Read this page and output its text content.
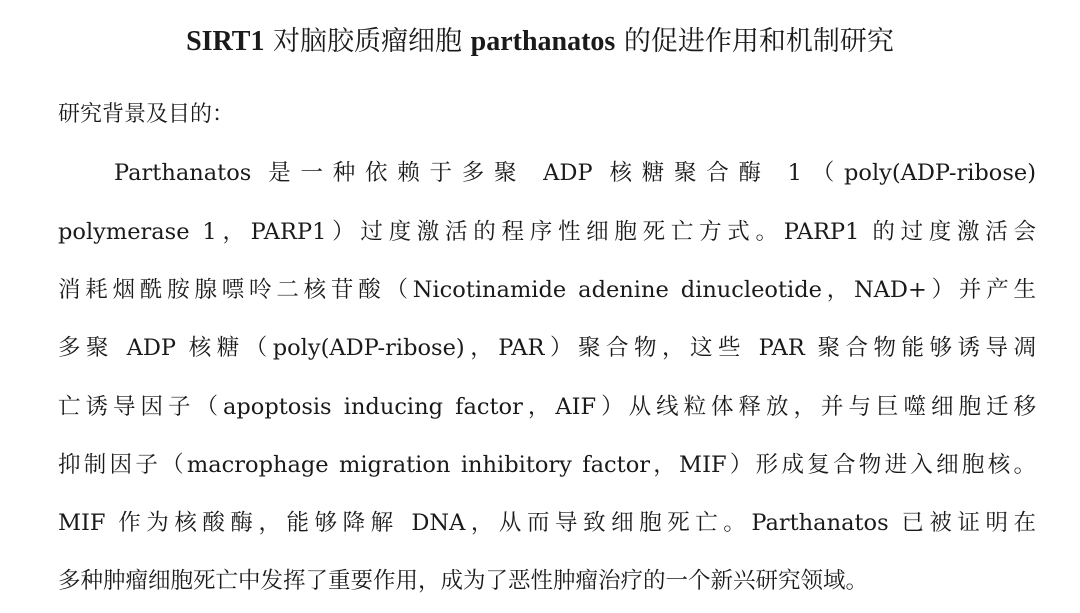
SIRT1 对脑胶质瘤细胞 parthanatos 的促进作用和机制研究
研究背景及目的：
Parthanatos 是一种依赖于多聚 ADP 核糖聚合酶 1（poly(ADP-ribose)
polymerase 1，PARP1）过度激活的程序性细胞死亡方式。PARP1 的过度激活会
消耗烟酰胺腺嘌呤二核苷酸（Nicotinamide adenine dinucleotide，NAD+）并产生
多聚 ADP 核糖（poly(ADP-ribose)，PAR）聚合物，这些 PAR 聚合物能够诱导凋
亡诱导因子（apoptosis inducing factor，AIF）从线粒体释放，并与巨噬细胞迁移
抑制因子（macrophage migration inhibitory factor，MIF）形成复合物进入细胞核。
MIF 作为核酸酶，能够降解 DNA，从而导致细胞死亡。Parthanatos 已被证明在
多种肿瘤细胞死亡中发挥了重要作用，成为了恶性肿瘤治疗的一个新兴研究领域。
